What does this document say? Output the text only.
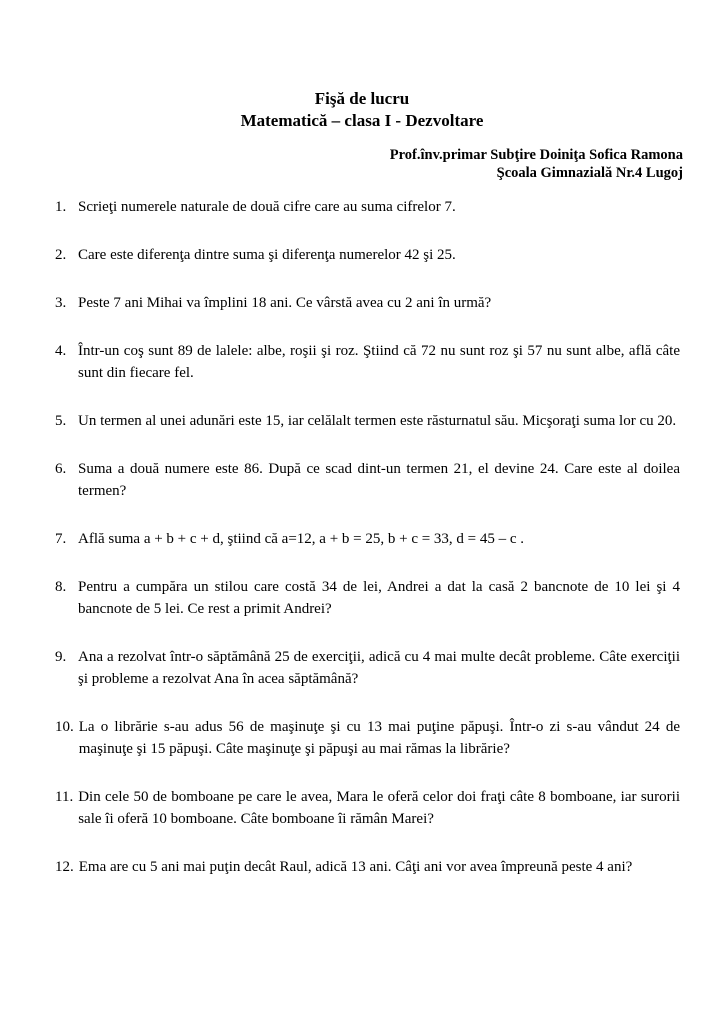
Fişă de lucru
Matematică – clasa I - Dezvoltare
Prof.înv.primar Subţire Doiniţa Sofica Ramona
Şcoala Gimnazială Nr.4 Lugoj
1. Scrieţi numerele naturale de două cifre care au suma cifrelor 7.
2. Care este diferenţa dintre suma şi diferenţa numerelor 42 şi 25.
3. Peste 7 ani Mihai va împlini 18 ani. Ce vârstă avea cu 2 ani în urmă?
4. Într-un coş sunt 89 de lalele: albe, roşii şi roz. Ştiind că 72 nu sunt roz şi 57 nu sunt albe, află câte sunt din fiecare fel.
5. Un termen al unei adunări este 15, iar celălalt termen este răsturnatul său. Micşoraţi suma lor cu 20.
6. Suma a două numere este 86. După ce scad dint-un termen 21, el devine 24. Care este al doilea termen?
7. Află suma a + b + c + d, ştiind că a=12, a + b = 25, b + c = 33, d = 45 – c .
8. Pentru a cumpăra un stilou care costă 34 de lei, Andrei a dat la casă 2 bancnote de 10 lei şi 4 bancnote de 5 lei. Ce rest a primit Andrei?
9. Ana a rezolvat într-o săptămână 25 de exerciţii, adică cu 4 mai multe decât probleme. Câte exerciţii şi probleme a rezolvat Ana în acea săptămână?
10. La o librărie s-au adus 56 de maşinuţe şi cu 13 mai puţine păpuşi. Într-o zi s-au vândut 24 de maşinuţe şi 15 păpuşi. Câte maşinuţe şi păpuşi au mai rămas la librărie?
11. Din cele 50 de bomboane pe care le avea, Mara le oferă celor doi fraţi câte 8 bomboane, iar surorii sale îi oferă 10 bomboane. Câte bomboane îi rămân Marei?
12. Ema are cu 5 ani mai puţin decât Raul, adică 13 ani. Câţi ani vor avea împreună peste 4 ani?
